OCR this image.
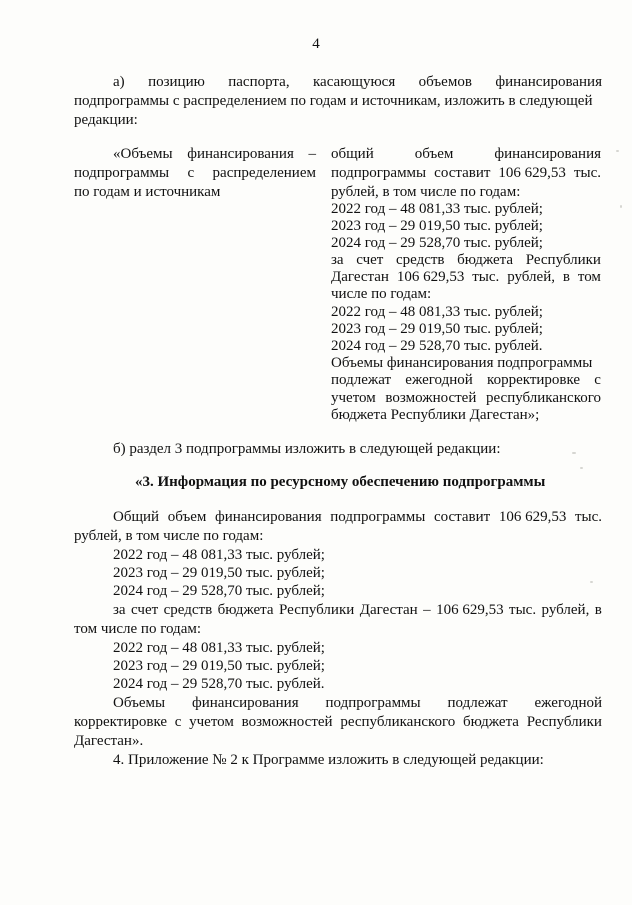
4
а) позицию паспорта, касающуюся объемов финансирования
подпрограммы с распределением по годам и источникам, изложить в следующей
редакции:
«Объемы финансирования –
подпрограммы с распределением
по годам и источникам
общий	объем	финансирования
подпрограммы составит 106 629,53 тыс.
рублей, в том числе по годам:
2022 год – 48 081,33 тыс. рублей;
2023 год – 29 019,50 тыс. рублей;
2024 год – 29 528,70 тыс. рублей;
за счет средств бюджета Республики
Дагестан 106 629,53 тыс. рублей, в том
числе по годам:
2022 год – 48 081,33 тыс. рублей;
2023 год – 29 019,50 тыс. рублей;
2024 год – 29 528,70 тыс. рублей.
Объемы финансирования подпрограммы
подлежат ежегодной корректировке с
учетом возможностей республиканского
бюджета Республики Дагестан»;
б) раздел 3 подпрограммы изложить в следующей редакции:
«3. Информация по ресурсному обеспечению подпрограммы
Общий объем финансирования подпрограммы составит 106 629,53 тыс.
рублей, в том числе по годам:
2022 год – 48 081,33 тыс. рублей;
2023 год – 29 019,50 тыс. рублей;
2024 год – 29 528,70 тыс. рублей;
за счет средств бюджета Республики Дагестан – 106 629,53 тыс. рублей, в
том числе по годам:
2022 год – 48 081,33 тыс. рублей;
2023 год – 29 019,50 тыс. рублей;
2024 год – 29 528,70 тыс. рублей.
Объемы финансирования подпрограммы подлежат ежегодной
корректировке с учетом возможностей республиканского бюджета Республики
Дагестан».
4. Приложение № 2 к Программе изложить в следующей редакции:
